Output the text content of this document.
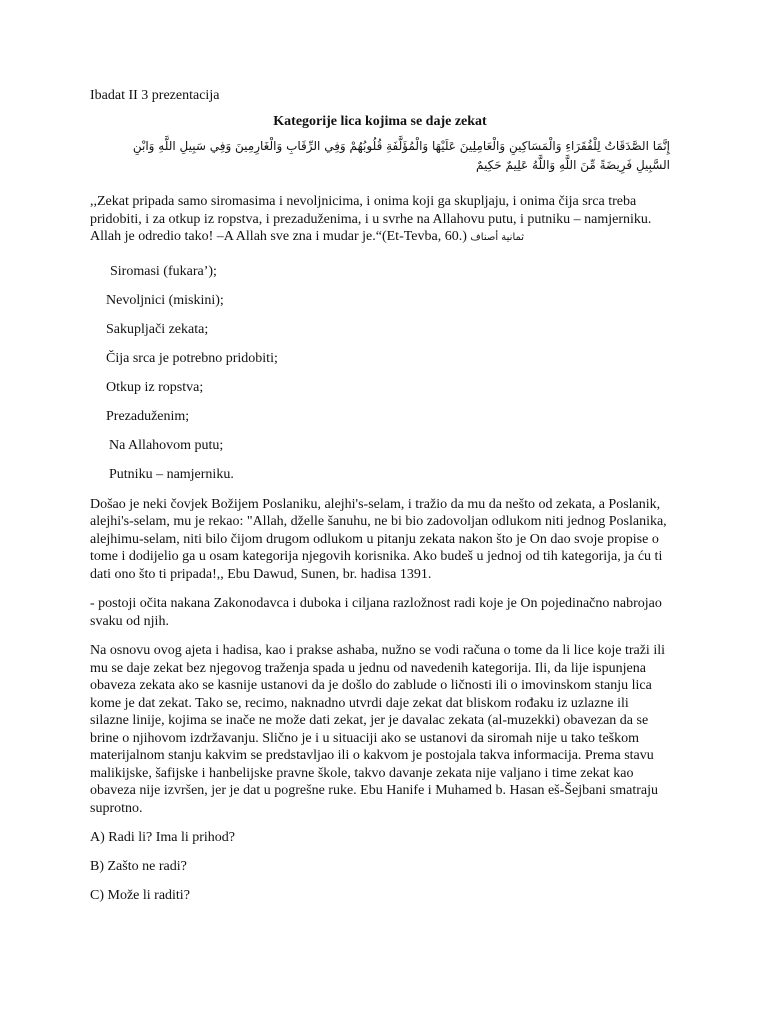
Ibadat II 3 prezentacija

Kategorije lica kojima se daje zekat

إِنَّمَا الصَّدَقَاتُ لِلْفُقَرَاءِ وَالْمَسَاكِينِ وَالْعَامِلِينَ عَلَيْهَا وَالْمُؤَلَّفَةِ قُلُوبُهُمْ وَفِي الرِّقَابِ وَالْغَارِمِينَ وَفِي سَبِيلِ اللَّهِ وَابْنِ السَّبِيلِ فَرِيضَةً مِّنَ اللَّهِ وَاللَّهُ عَلِيمٌ حَكِيمٌ

,,Zekat pripada samo siromasima i nevoljnicima, i onima koji ga skupljaju, i onima čija srca treba pridobiti, i za otkup iz ropstva, i prezaduženima, i u svrhe na Allahovu putu, i putniku – namjerniku. Allah je odredio tako! –A Allah sve zna i mudar je.“(Et-Tevba, 60.) ثمانية أصناف

Siromasi (fukara’);
Nevoljnici (miskini);
Sakupljači zekata;
Čija srca je potrebno pridobiti;
Otkup iz ropstva;
Prezaduženim;
Na Allahovom putu;
Putniku – namjerniku.

Došao je neki čovjek Božijem Poslaniku, alejhi's-selam, i tražio da mu da nešto od zekata, a Poslanik, alejhi's-selam, mu je rekao: "Allah, dželle šanuhu, ne bi bio zadovoljan odlukom niti jednog Poslanika, alejhimu-selam, niti bilo čijom drugom odlukom u pitanju zekata nakon što je On dao svoje propise o tome i dodijelio ga u osam kategorija njegovih korisnika. Ako budeš u jednoj od tih kategorija, ja ću ti dati ono što ti pripada!,, Ebu Dawud, Sunen, br. hadisa 1391.

- postoji očita nakana Zakonodavca i duboka i ciljana razložnost radi koje je On pojedinačno nabrojao svaku od njih.

Na osnovu ovog ajeta i hadisa, kao i prakse ashaba, nužno se vodi računa o tome da li lice koje traži ili mu se daje zekat bez njegovog traženja spada u jednu od navedenih kategorija. Ili, da lije ispunjena obaveza zekata ako se kasnije ustanovi da je došlo do zablude o ličnosti ili o imovinskom stanju lica kome je dat zekat. Tako se, recimo, naknadno utvrdi daje zekat dat bliskom rođaku iz uzlazne ili silazne linije, kojima se inače ne može dati zekat, jer je davalac zekata (al-muzekki) obavezan da se brine o njihovom izdržavanju. Slično je i u situaciji ako se ustanovi da siromah nije u tako teškom materijalnom stanju kakvim se predstavljao ili o kakvom je postojala takva informacija. Prema stavu malikijske, šafijske i hanbelijske pravne škole, takvo davanje zekata nije valjano i time zekat kao obaveza nije izvršen, jer je dat u pogrešne ruke. Ebu Hanife i Muhamed b. Hasan eš-Šejbani smatraju suprotno.

A) Radi li? Ima li prihod?

B) Zašto ne radi?

C) Može li raditi?
